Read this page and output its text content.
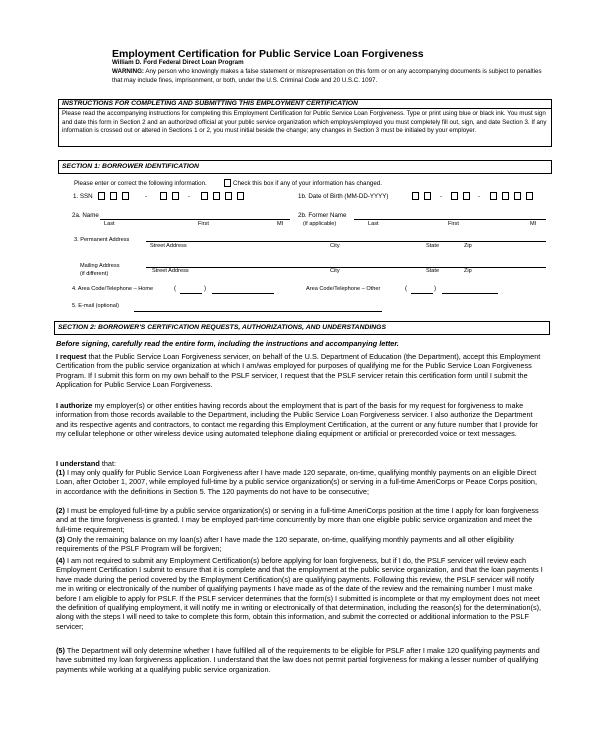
Employment Certification for Public Service Loan Forgiveness
William D. Ford Federal Direct Loan Program
WARNING: Any person who knowingly makes a false statement or misrepresentation on this form or on any accompanying documents is subject to penalties that may include fines, imprisonment, or both, under the U.S. Criminal Code and 20 U.S.C. 1097.
INSTRUCTIONS FOR COMPLETING AND SUBMITTING THIS EMPLOYMENT CERTIFICATION
Please read the accompanying instructions for completing this Employment Certification for Public Service Loan Forgiveness. Type or print using blue or black ink. You must sign and date this form in Section 2 and an authorized official at your public service organization which employs/employed you must completely fill out, sign, and date Section 3. If any information is crossed out or altered in Sections 1 or 2, you must initial beside the change; any changes in Section 3 must be initialed by your employer.
SECTION 1: BORROWER IDENTIFICATION
Please enter or correct the following information.	Check this box if any of your information has changed.
1. SSN	-	-	1b. Date of Birth (MM-DD-YYYY)	-	-
2a. Name
Last	First	MI
2b. Former Name
(if applicable)	Last	First	MI
3. Permanent Address
Street Address	City	State	Zip
Mailing Address
(if different)	Street Address	City	State	Zip
4. Area Code/Telephone – Home	(	)	Area Code/Telephone – Other	(	)
5. E-mail (optional)
SECTION 2: BORROWER'S CERTIFICATION REQUESTS, AUTHORIZATIONS, AND UNDERSTANDINGS
Before signing, carefully read the entire form, including the instructions and accompanying letter.
I request that the Public Service Loan Forgiveness servicer, on behalf of the U.S. Department of Education (the Department), accept this Employment Certification from the public service organization at which I am/was employed for purposes of qualifying me for the Public Service Loan Forgiveness Program. If I submit this form on my own behalf to the PSLF servicer, I request that the PSLF servicer retain this certification form until I submit the Application for Public Service Loan Forgiveness.
I authorize my employer(s) or other entities having records about the employment that is part of the basis for my request for forgiveness to make information from those records available to the Department, including the Public Service Loan Forgiveness servicer. I also authorize the Department and its respective agents and contractors, to contact me regarding this Employment Certification, at the current or any future number that I provide for my cellular telephone or other wireless device using automated telephone dialing equipment or artificial or prerecorded voice or text messages.
I understand that:
(1) I may only qualify for Public Service Loan Forgiveness after I have made 120 separate, on-time, qualifying monthly payments on an eligible Direct Loan, after October 1, 2007, while employed full-time by a public service organization(s) or serving in a full-time AmeriCorps or Peace Corps position, in accordance with the definitions in Section 5. The 120 payments do not have to be consecutive;
(2) I must be employed full-time by a public service organization(s) or serving in a full-time AmeriCorps position at the time I apply for loan forgiveness and at the time forgiveness is granted. I may be employed part-time concurrently by more than one eligible public service organization and meet the full-time requirement;
(3) Only the remaining balance on my loan(s) after I have made the 120 separate, on-time, qualifying monthly payments and all other eligibility requirements of the PSLF Program will be forgiven;
(4) I am not required to submit any Employment Certification(s) before applying for loan forgiveness, but if I do, the PSLF servicer will review each Employment Certification I submit to ensure that it is complete and that the employment at the public service organization, and that the loan payments I have made during the period covered by the Employment Certification(s) are qualifying payments. Following this review, the PSLF servicer will notify me in writing or electronically of the number of qualifying payments I have made as of the date of the review and the remaining number I must make before I am eligible to apply for PSLF. If the PSLF servicer determines that the form(s) I submitted is incomplete or that my employment does not meet the definition of qualifying employment, it will notify me in writing or electronically of that determination, including the reason(s) for the determination(s), along with the steps I will need to take to complete this form, obtain this information, and submit the corrected or additional information to the PSLF servicer;
(5) The Department will only determine whether I have fulfilled all of the requirements to be eligible for PSLF after I make 120 qualifying payments and have submitted my loan forgiveness application. I understand that the law does not permit partial forgiveness for making a lesser number of qualifying payments while working at a qualifying public service organization.
